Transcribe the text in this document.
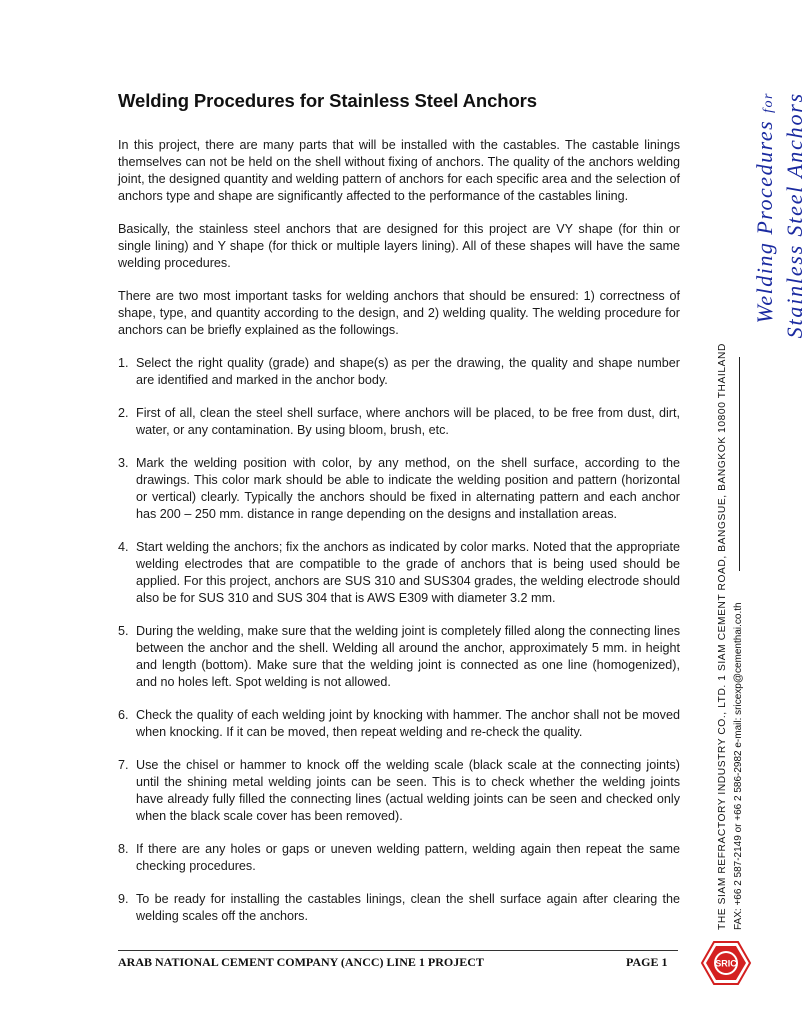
Welding Procedures for Stainless Steel Anchors

In this project, there are many parts that will be installed with the castables. The castable linings themselves can not be held on the shell without fixing of anchors. The quality of the anchors welding joint, the designed quantity and welding pattern of anchors for each specific area and the selection of anchors type and shape are significantly affected to the performance of the castables lining.

Basically, the stainless steel anchors that are designed for this project are VY shape (for thin or single lining) and Y shape (for thick or multiple layers lining). All of these shapes will have the same welding procedures.

There are two most important tasks for welding anchors that should be ensured: 1) correctness of shape, type, and quantity according to the design, and 2) welding quality. The welding procedure for anchors can be briefly explained as the followings.

1. Select the right quality (grade) and shape(s) as per the drawing, the quality and shape number are identified and marked in the anchor body.
2. First of all, clean the steel shell surface, where anchors will be placed, to be free from dust, dirt, water, or any contamination. By using bloom, brush, etc.
3. Mark the welding position with color, by any method, on the shell surface, according to the drawings. This color mark should be able to indicate the welding position and pattern (horizontal or vertical) clearly. Typically the anchors should be fixed in alternating pattern and each anchor has 200 – 250 mm. distance in range depending on the designs and installation areas.
4. Start welding the anchors; fix the anchors as indicated by color marks. Noted that the appropriate welding electrodes that are compatible to the grade of anchors that is being used should be applied. For this project, anchors are SUS 310 and SUS304 grades, the welding electrode should also be for SUS 310 and SUS 304 that is AWS E309 with diameter 3.2 mm.
5. During the welding, make sure that the welding joint is completely filled along the connecting lines between the anchor and the shell. Welding all around the anchor, approximately 5 mm. in height and length (bottom). Make sure that the welding joint is connected as one line (homogenized), and no holes left. Spot welding is not allowed.
6. Check the quality of each welding joint by knocking with hammer. The anchor shall not be moved when knocking. If it can be moved, then repeat welding and re-check the quality.
7. Use the chisel or hammer to knock off the welding scale (black scale at the connecting joints) until the shining metal welding joints can be seen. This is to check whether the welding joints have already fully filled the connecting lines (actual welding joints can be seen and checked only when the black scale cover has been removed).
8. If there are any holes or gaps or uneven welding pattern, welding again then repeat the same checking procedures.
9. To be ready for installing the castables linings, clean the shell surface again after clearing the welding scales off the anchors.
Welding Procedures for Stainless Steel Anchors
THE SIAM REFRACTORY INDUSTRY CO., LTD. 1 SIAM CEMENT ROAD, BANGSUE, BANGKOK 10800 THAILAND FAX: +66 2 587-2149 or +66 2 586-2982 e-mail: sricexp@cementhai.co.th
SRIC
ARAB NATIONAL CEMENT COMPANY (ANCC) LINE 1 PROJECT	PAGE 1
